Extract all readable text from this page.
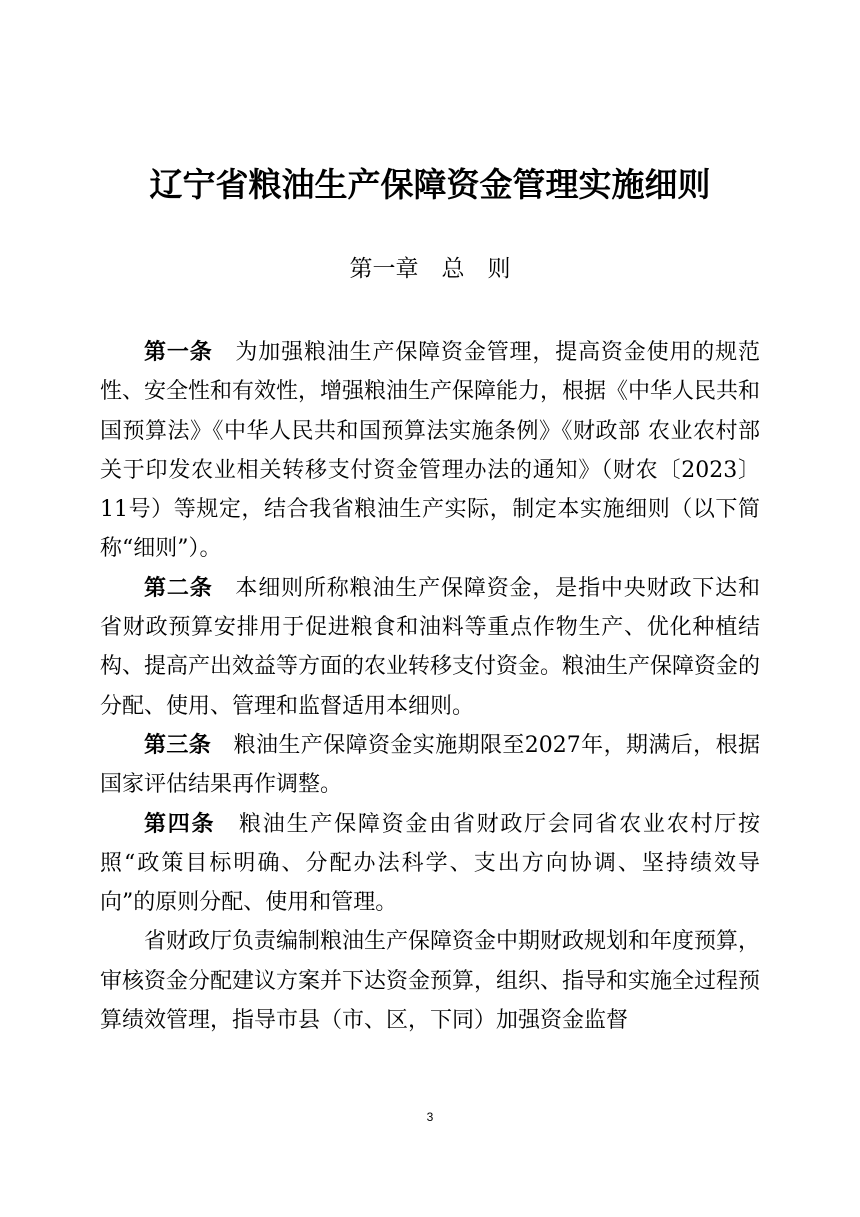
辽宁省粮油生产保障资金管理实施细则
第一章　总　则

第一条　 为加强粮油生产保障资金管理，提高资金使用的规范性、安全性和有效性，增强粮油生产保障能力，根据《中华人民共和国预算法》《中华人民共和国预算法实施条例》《财政部 农业农村部关于印发农业相关转移支付资金管理办法的通知》（财农〔2023〕11号）等规定，结合我省粮油生产实际，制定本实施细则（以下简称“细则”）。

第二条　 本细则所称粮油生产保障资金，是指中央财政下达和省财政预算安排用于促进粮食和油料等重点作物生产、优化种植结构、提高产出效益等方面的农业转移支付资金。粮油生产保障资金的分配、使用、管理和监督适用本细则。

第三条　 粮油生产保障资金实施期限至2027年，期满后，根据国家评估结果再作调整。

第四条　 粮油生产保障资金由省财政厅会同省农业农村厅按照“政策目标明确、分配办法科学、支出方向协调、坚持绩效导向”的原则分配、使用和管理。

省财政厅负责编制粮油生产保障资金中期财政规划和年度预算，审核资金分配建议方案并下达资金预算，组织、指导和实施全过程预算绩效管理，指导市县（市、区，下同）加强资金监督

3
